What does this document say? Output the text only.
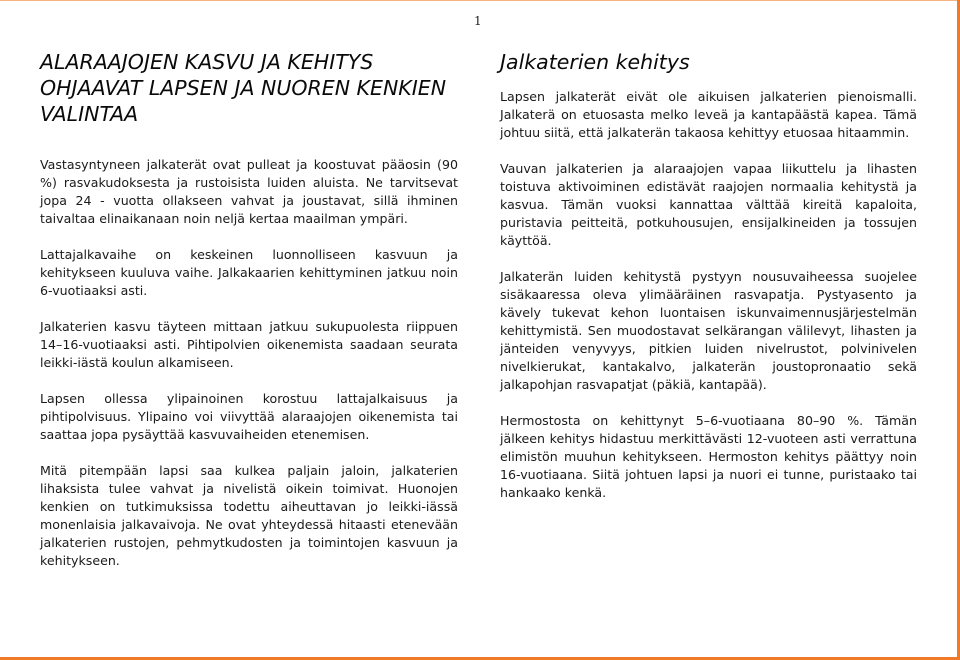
1
ALARAAJOJEN KASVU JA KEHITYS
OHJAAVAT LAPSEN JA NUOREN KENKIEN
VALINTAA

Vastasyntyneen jalkaterät ovat pulleat ja koostuvat pääosin (90 %) rasvakudoksesta ja rustoisista luiden aluista. Ne tarvitsevat jopa 24 - vuotta ollakseen vahvat ja joustavat, sillä ihminen taivaltaa elinaikanaan noin neljä kertaa maailman ympäri.

Lattajalkavaihe on keskeinen luonnolliseen kasvuun ja kehitykseen kuuluva vaihe. Jalkakaarien kehittyminen jatkuu noin 6-vuotiaaksi asti.

Jalkaterien kasvu täyteen mittaan jatkuu sukupuolesta riippuen 14–16-vuotiaaksi asti. Pihtipolvien oikenemista saadaan seurata leikki-iästä koulun alkamiseen.

Lapsen ollessa ylipainoinen korostuu lattajalkaisuus ja pihtipolvisuus. Ylipaino voi viivyttää alaraajojen oikenemista tai saattaa jopa pysäyttää kasvuvaiheiden etenemisen.

Mitä pitempään lapsi saa kulkea paljain jaloin, jalkaterien lihaksista tulee vahvat ja nivelistä oikein toimivat. Huonojen kenkien on tutkimuksissa todettu aiheuttavan jo leikki-iässä monenlaisia jalkavaivoja. Ne ovat yhteydessä hitaasti etenevään jalkaterien rustojen, pehmytkudosten ja toimintojen kasvuun ja kehitykseen.

Jalkaterien kehitys

Lapsen jalkaterät eivät ole aikuisen jalkaterien pienoismalli. Jalkaterä on etuosasta melko leveä ja kantapäästä kapea. Tämä johtuu siitä, että jalkaterän takaosa kehittyy etuosaa hitaammin.

Vauvan jalkaterien ja alaraajojen vapaa liikuttelu ja lihasten toistuva aktivoiminen edistävät raajojen normaalia kehitystä ja kasvua. Tämän vuoksi kannattaa välttää kireitä kapaloita, puristavia peitteitä, potkuhousujen, ensijalkineiden ja tossujen käyttöä.

Jalkaterän luiden kehitystä pystyyn nousuvaiheessa suojelee sisäkaaressa oleva ylimääräinen rasvapatja. Pystyasento ja kävely tukevat kehon luontaisen iskunvaimennusjärjestelmän kehittymistä. Sen muodostavat selkärangan välilevyt, lihasten ja jänteiden venyvyys, pitkien luiden nivelrustot, polvinivelen nivelkierukat, kantakalvo, jalkaterän joustopronaatio sekä jalkapohjan rasvapatjat (päkiä, kantapää).

Hermostosta on kehittynyt 5–6-vuotiaana 80–90 %. Tämän jälkeen kehitys hidastuu merkittävästi 12-vuoteen asti verrattuna elimistön muuhun kehitykseen. Hermoston kehitys päättyy noin 16-vuotiaana. Siitä johtuen lapsi ja nuori ei tunne, puristaako tai hankaako kenkä.
